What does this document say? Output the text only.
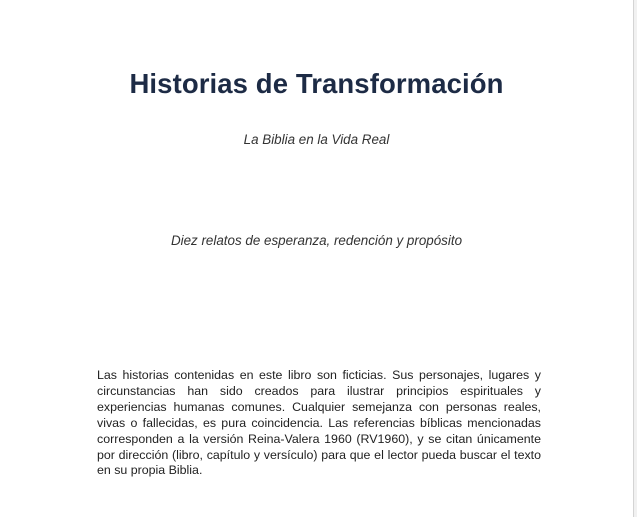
Historias de Transformación
La Biblia en la Vida Real
Diez relatos de esperanza, redención y propósito

Las historias contenidas en este libro son ficticias. Sus personajes, lugares y circunstancias han sido creados para ilustrar principios espirituales y experiencias humanas comunes. Cualquier semejanza con personas reales, vivas o fallecidas, es pura coincidencia. Las referencias bíblicas mencionadas corresponden a la versión Reina-Valera 1960 (RV1960), y se citan únicamente por dirección (libro, capítulo y versículo) para que el lector pueda buscar el texto en su propia Biblia.
